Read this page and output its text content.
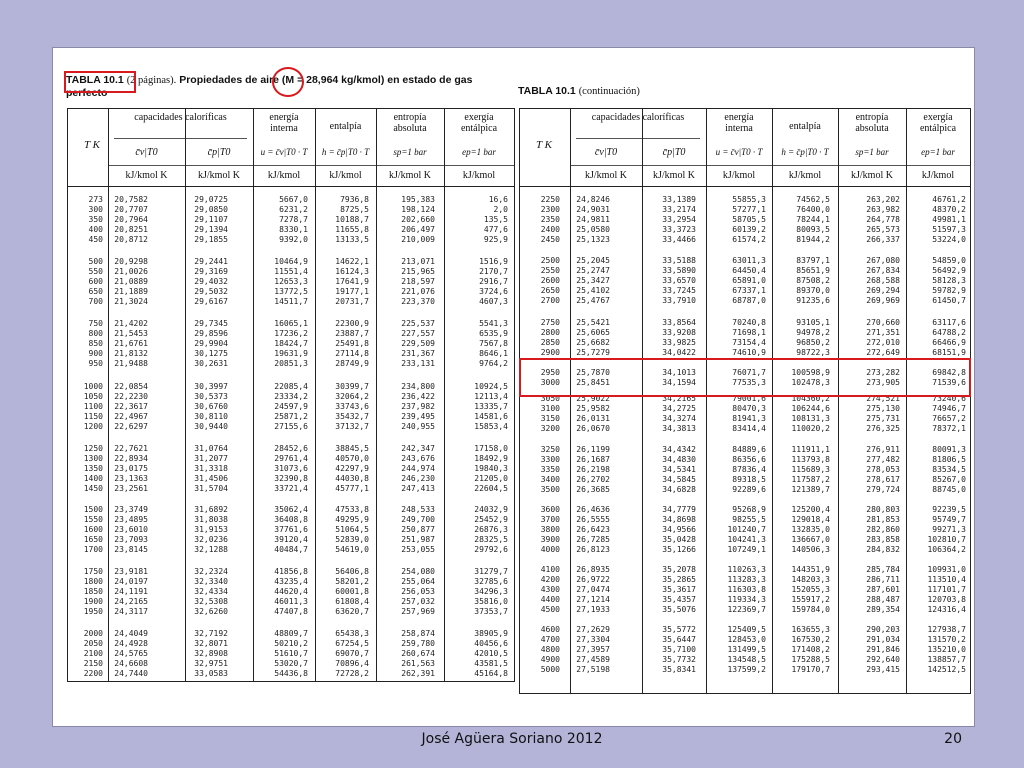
TABLA 10.1 (2 páginas). Propiedades de aire (M = 28,964 kg/kmol) en estado de gas
perfecto	TABLA 10.1 (continuación)
T K
capacidades caloríficas
c̄v|T0	c̄p|T0
energía interna
u = c̄v|T0 · T
entalpía
h = c̄p|T0 · T
entropía absoluta
sp=1 bar
exergía entálpica
ep=1 bar
kJ/kmol K	kJ/kmol K	kJ/kmol	kJ/kmol	kJ/kmol K	kJ/kmol
273 20,7582	29,0725	5667,0	7936,8	195,383	16,6
300 20,7707	29,0850	6231,2	8725,5	198,124	2,0
350 20,7964	29,1107	7278,7	10188,7	202,660	135,5
400 20,8251	29,1394	8330,1	11655,8	206,497	477,6
450 20,8712	29,1855	9392,0	13133,5	210,009	925,9
500 20,9298	29,2441	10464,9	14622,1	213,071	1516,9
550 21,0026	29,3169	11551,4	16124,3	215,965	2170,7
600 21,0889	29,4032	12653,3	17641,9	218,597	2916,7
650 21,1889	29,5032	13772,5	19177,1	221,076	3724,6
700 21,3024	29,6167	14511,7	20731,7	223,370	4607,3
750 21,4202	29,7345	16065,1	22300,9	225,537	5541,3
800 21,5453	29,8596	17236,2	23887,7	227,557	6535,9
850 21,6761	29,9904	18424,7	25491,8	229,509	7567,8
900 21,8132	30,1275	19631,9	27114,8	231,367	8646,1
950 21,9488	30,2631	20851,3	28749,9	233,131	9764,2
1000 22,0854	30,3997	22085,4	30399,7	234,800	10924,5
1050 22,2230	30,5373	23334,2	32064,2	236,422	12113,4
1100 22,3617	30,6760	24597,9	33743,6	237,982	13335,7
1150 22,4967	30,8110	25871,2	35432,7	239,495	14581,6
1200 22,6297	30,9440	27155,6	37132,7	240,955	15853,4
1250 22,7621	31,0764	28452,6	38845,5	242,347	17158,0
1300 22,8934	31,2077	29761,4	40570,0	243,676	18492,9
1350 23,0175	31,3318	31073,6	42297,9	244,974	19840,3
1400 23,1363	31,4506	32390,8	44030,8	246,230	21205,0
1450 23,2561	31,5704	33721,4	45777,1	247,413	22604,5
1500 23,3749	31,6892	35062,4	47533,8	248,533	24032,9
1550 23,4895	31,8038	36408,8	49295,9	249,700	25452,9
1600 23,6010	31,9153	37761,6	51064,5	250,877	26876,3
1650 23,7093	32,0236	39120,4	52839,0	251,987	28325,5
1700 23,8145	32,1288	40484,7	54619,0	253,055	29792,6
1750 23,9181	32,2324	41856,8	56406,8	254,080	31279,7
1800 24,0197	32,3340	43235,4	58201,2	255,064	32785,6
1850 24,1191	32,4334	44620,4	60001,8	256,053	34296,3
1900 24,2165	32,5308	46011,3	61808,4	257,032	35816,0
1950 24,3117	32,6260	47407,8	63620,7	257,969	37353,7
2000 24,4049	32,7192	48809,7	65438,3	258,874	38905,9
2050 24,4928	32,8071	50210,2	67254,5	259,780	40456,6
2100 24,5765	32,8908	51610,7	69070,7	260,674	42010,5
2150 24,6608	32,9751	53020,7	70896,4	261,563	43581,5
2200 24,7440	33,0583	54436,8	72728,2	262,391	45164,8
T K
capacidades caloríficas
c̄v|T0	c̄p|T0
energía interna
u = c̄v|T0 · T
entalpía
h = c̄p|T0 · T
entropía absoluta
sp=1 bar
exergía entálpica
ep=1 bar
kJ/kmol K	kJ/kmol K	kJ/kmol	kJ/kmol	kJ/kmol K	kJ/kmol
2250 24,8246	33,1389	55855,3	74562,5	263,202	46761,2
2300 24,9031	33,2174	57277,1	76400,0	263,982	48370,2
2350 24,9811	33,2954	58705,5	78244,1	264,778	49981,1
2400 25,0580	33,3723	60139,2	80093,5	265,573	51597,3
2450 25,1323	33,4466	61574,2	81944,2	266,337	53224,0
2500 25,2045	33,5188	63011,3	83797,1	267,080	54859,0
2550 25,2747	33,5890	64450,4	85651,9	267,834	56492,9
2600 25,3427	33,6570	65891,0	87508,2	268,588	58128,3
2650 25,4102	33,7245	67337,1	89370,0	269,294	59782,9
2700 25,4767	33,7910	68787,0	91235,6	269,969	61450,7
2750 25,5421	33,8564	70240,8	93105,1	270,660	63117,6
2800 25,6065	33,9208	71698,1	94978,2	271,351	64788,2
2850 25,6682	33,9825	73154,4	96850,2	272,010	66466,9
2900 25,7279	34,0422	74610,9	98722,3	272,649	68151,9
2950 25,7870	34,1013	76071,7	100598,9	273,282	69842,8
3000 25,8451	34,1594	77535,3	102478,3	273,905	71539,6
3050 25,9022	34,2165	79001,6	104360,2	274,521	73240,6
3100 25,9582	34,2725	80470,3	106244,6	275,130	74946,7
3150 26,0131	34,3274	81941,3	108131,3	275,731	76657,2
3200 26,0670	34,3813	83414,4	110020,2	276,325	78372,1
3250 26,1199	34,4342	84889,6	111911,1	276,911	80091,3
3300 26,1687	34,4830	86356,6	113793,8	277,482	81806,5
3350 26,2198	34,5341	87836,4	115689,3	278,053	83534,5
3400 26,2702	34,5845	89318,5	117587,2	278,617	85267,0
3500 26,3685	34,6828	92289,6	121389,7	279,724	88745,0
3600 26,4636	34,7779	95268,9	125200,4	280,803	92239,5
3700 26,5555	34,8698	98255,5	129018,4	281,853	95749,7
3800 26,6423	34,9566	101240,7	132835,0	282,860	99271,3
3900 26,7285	35,0428	104241,3	136667,0	283,858	102810,7
4000 26,8123	35,1266	107249,1	140506,3	284,832	106364,2
4100 26,8935	35,2078	110263,3	144351,9	285,784	109931,0
4200 26,9722	35,2865	113283,3	148203,3	286,711	113510,4
4300 27,0474	35,3617	116303,8	152055,3	287,601	117101,7
4400 27,1214	35,4357	119334,3	155917,2	288,487	120703,8
4500 27,1933	35,5076	122369,7	159784,0	289,354	124316,4
4600 27,2629	35,5772	125409,5	163655,3	290,203	127938,7
4700 27,3304	35,6447	128453,0	167530,2	291,034	131570,2
4800 27,3957	35,7100	131499,5	171408,2	291,846	135210,0
4900 27,4589	35,7732	134548,5	175288,5	292,640	138857,7
5000 27,5198	35,8341	137599,2	179170,7	293,415	142512,5
José Agüera Soriano 2012	20
